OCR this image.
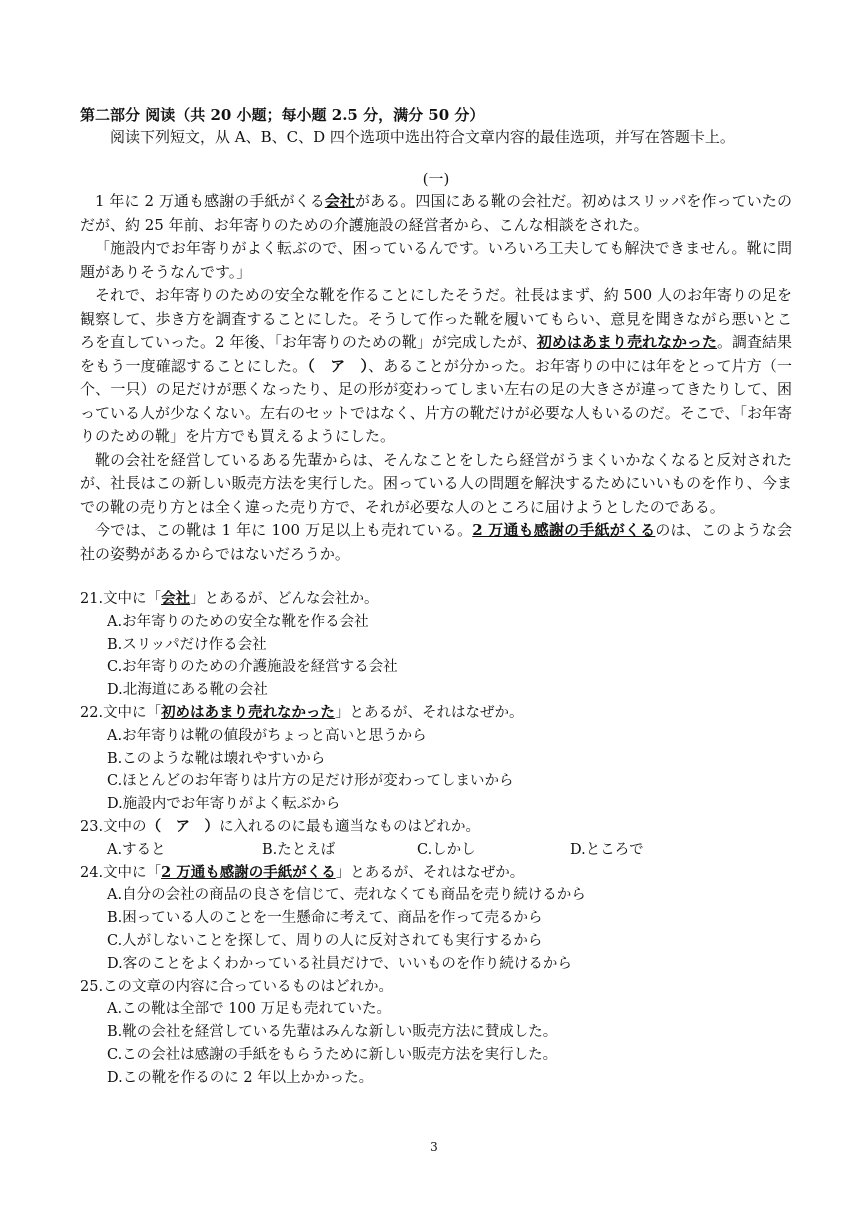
第二部分 阅读（共 20 小题；每小题 2.5 分，满分 50 分）
阅读下列短文，从 A、B、C、D 四个选项中选出符合文章内容的最佳选项，并写在答题卡上。
(一)

1 年に 2 万通も感謝の手紙がくる会社がある。四国にある靴の会社だ。初めはスリッパを作っていたのだが、約 25 年前、お年寄りのための介護施設の経営者から、こんな相談をされた。

「施設内でお年寄りがよく転ぶので、困っているんです。いろいろ工夫しても解決できません。靴に問題がありそうなんです。」

それで、お年寄りのための安全な靴を作ることにしたそうだ。社長はまず、約 500 人のお年寄りの足を観察して、歩き方を調査することにした。そうして作った靴を履いてもらい、意見を聞きながら悪いところを直していった。2 年後、「お年寄りのための靴」が完成したが、初めはあまり売れなかった。調査結果をもう一度確認することにした。（　ア　）、あることが分かった。お年寄りの中には年をとって片方（一个、一只）の足だけが悪くなったり、足の形が変わってしまい左右の足の大きさが違ってきたりして、困っている人が少なくない。左右のセットではなく、片方の靴だけが必要な人もいるのだ。そこで、「お年寄りのための靴」を片方でも買えるようにした。

靴の会社を経営しているある先輩からは、そんなことをしたら経営がうまくいかなくなると反対されたが、社長はこの新しい販売方法を実行した。困っている人の問題を解決するためにいいものを作り、今までの靴の売り方とは全く違った売り方で、それが必要な人のところに届けようとしたのである。

今では、この靴は 1 年に 100 万足以上も売れている。2 万通も感謝の手紙がくるのは、このような会社の姿勢があるからではないだろうか。

21.文中に「会社」とあるが、どんな会社か。
A.お年寄りのための安全な靴を作る会社
B.スリッパだけ作る会社
C.お年寄りのための介護施設を経営する会社
D.北海道にある靴の会社
22.文中に「初めはあまり売れなかった」とあるが、それはなぜか。
A.お年寄りは靴の値段がちょっと高いと思うから
B.このような靴は壊れやすいから
C.ほとんどのお年寄りは片方の足だけ形が変わってしまいから
D.施設内でお年寄りがよく転ぶから
23.文中の（　ア　）に入れるのに最も適当なものはどれか。
A.すると	B.たとえば	C.しかし	D.ところで
24.文中に「2 万通も感謝の手紙がくる」とあるが、それはなぜか。
A.自分の会社の商品の良さを信じて、売れなくても商品を売り続けるから
B.困っている人のことを一生懸命に考えて、商品を作って売るから
C.人がしないことを探して、周りの人に反対されても実行するから
D.客のことをよくわかっている社員だけで、いいものを作り続けるから
25.この文章の内容に合っているものはどれか。
A.この靴は全部で 100 万足も売れていた。
B.靴の会社を経営している先輩はみんな新しい販売方法に賛成した。
C.この会社は感謝の手紙をもらうために新しい販売方法を実行した。
D.この靴を作るのに 2 年以上かかった。
3
